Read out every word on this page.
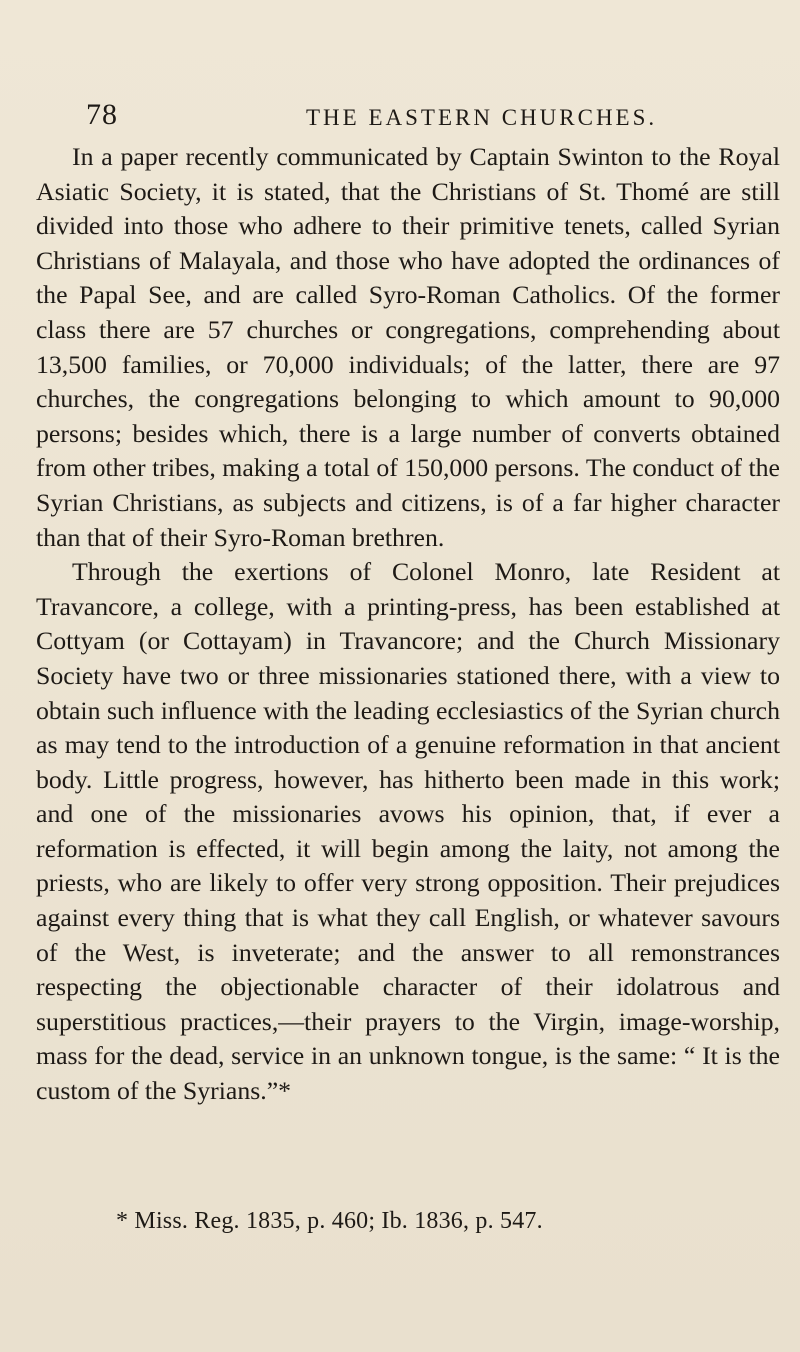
78	THE EASTERN CHURCHES.

In a paper recently communicated by Captain Swinton to the Royal Asiatic Society, it is stated, that the Christians of St. Thomé are still divided into those who adhere to their primitive tenets, called Syrian Christians of Malayala, and those who have adopted the ordinances of the Papal See, and are called Syro-Roman Catholics. Of the former class there are 57 churches or congregations, comprehending about 13,500 families, or 70,000 individuals; of the latter, there are 97 churches, the congregations belonging to which amount to 90,000 persons; besides which, there is a large number of converts obtained from other tribes, making a total of 150,000 persons. The conduct of the Syrian Christians, as subjects and citizens, is of a far higher character than that of their Syro-Roman brethren.

Through the exertions of Colonel Monro, late Resident at Travancore, a college, with a printing-press, has been established at Cottyam (or Cottayam) in Travancore; and the Church Missionary Society have two or three missionaries stationed there, with a view to obtain such influence with the leading ecclesiastics of the Syrian church as may tend to the introduction of a genuine reformation in that ancient body. Little progress, however, has hitherto been made in this work; and one of the missionaries avows his opinion, that, if ever a reformation is effected, it will begin among the laity, not among the priests, who are likely to offer very strong opposition. Their prejudices against every thing that is what they call English, or whatever savours of the West, is inveterate; and the answer to all remonstrances respecting the objectionable character of their idolatrous and superstitious practices,—their prayers to the Virgin, image-worship, mass for the dead, service in an unknown tongue, is the same: “ It is the custom of the Syrians.”*

* Miss. Reg. 1835, p. 460; Ib. 1836, p. 547.
